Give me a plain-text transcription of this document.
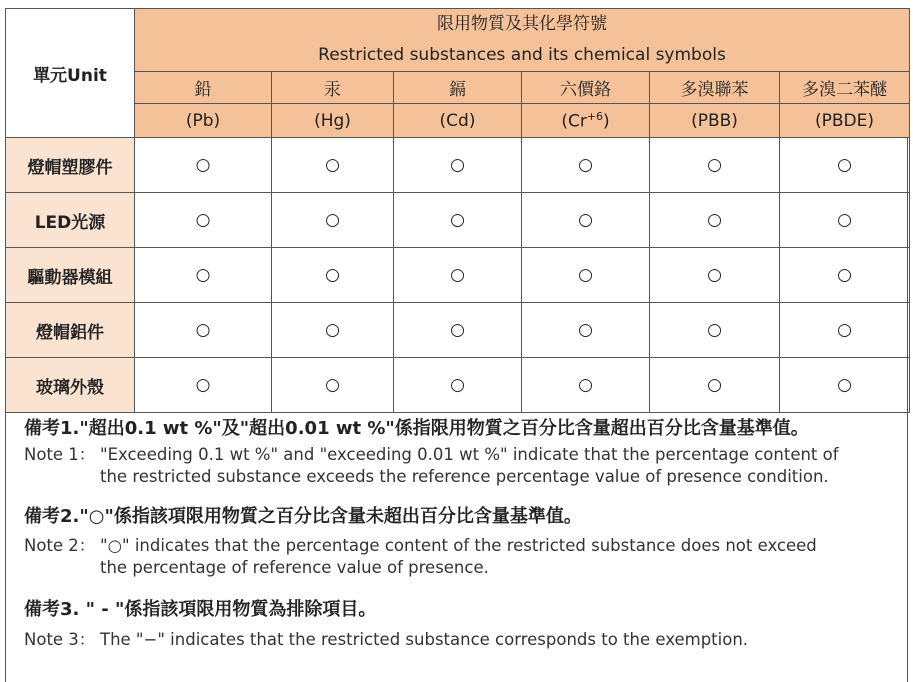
單元Unit	限用物質及其化學符號
Restricted substances and its chemical symbols					

	鉛	汞	鎘	六價鉻	多溴聯苯	多溴二苯醚
	(Pb)	(Hg)	(Cd)	$(Cr^{+6})$	(PBB)	(PBDE)
燈帽塑膠件	○	○	○	○	○	○
LED光源	○	○	○	○	○	○
驅動器模組	○	○	○	○	○	○
燈帽鋁件	○	○	○	○	○	○
玻璃外殼	○	○	○	○	○	○

備考1."超出0.1 wt %"及"超出0.01 wt %"係指限用物質之百分比含量超出百分比含量基準值。

Note 1： "Exceeding 0.1 wt %" and "exceeding 0.01 wt %" indicate that the percentage content of
the restricted substance exceeds the reference percentage value of presence condition.

備考2."○"係指該項限用物質之百分比含量未超出百分比含量基準值。

Note 2： "○" indicates that the percentage content of the restricted substance does not exceed
the percentage of reference value of presence.

備考3. " - "係指該項限用物質為排除項目。

Note 3： The "−" indicates that the restricted substance corresponds to the exemption.
